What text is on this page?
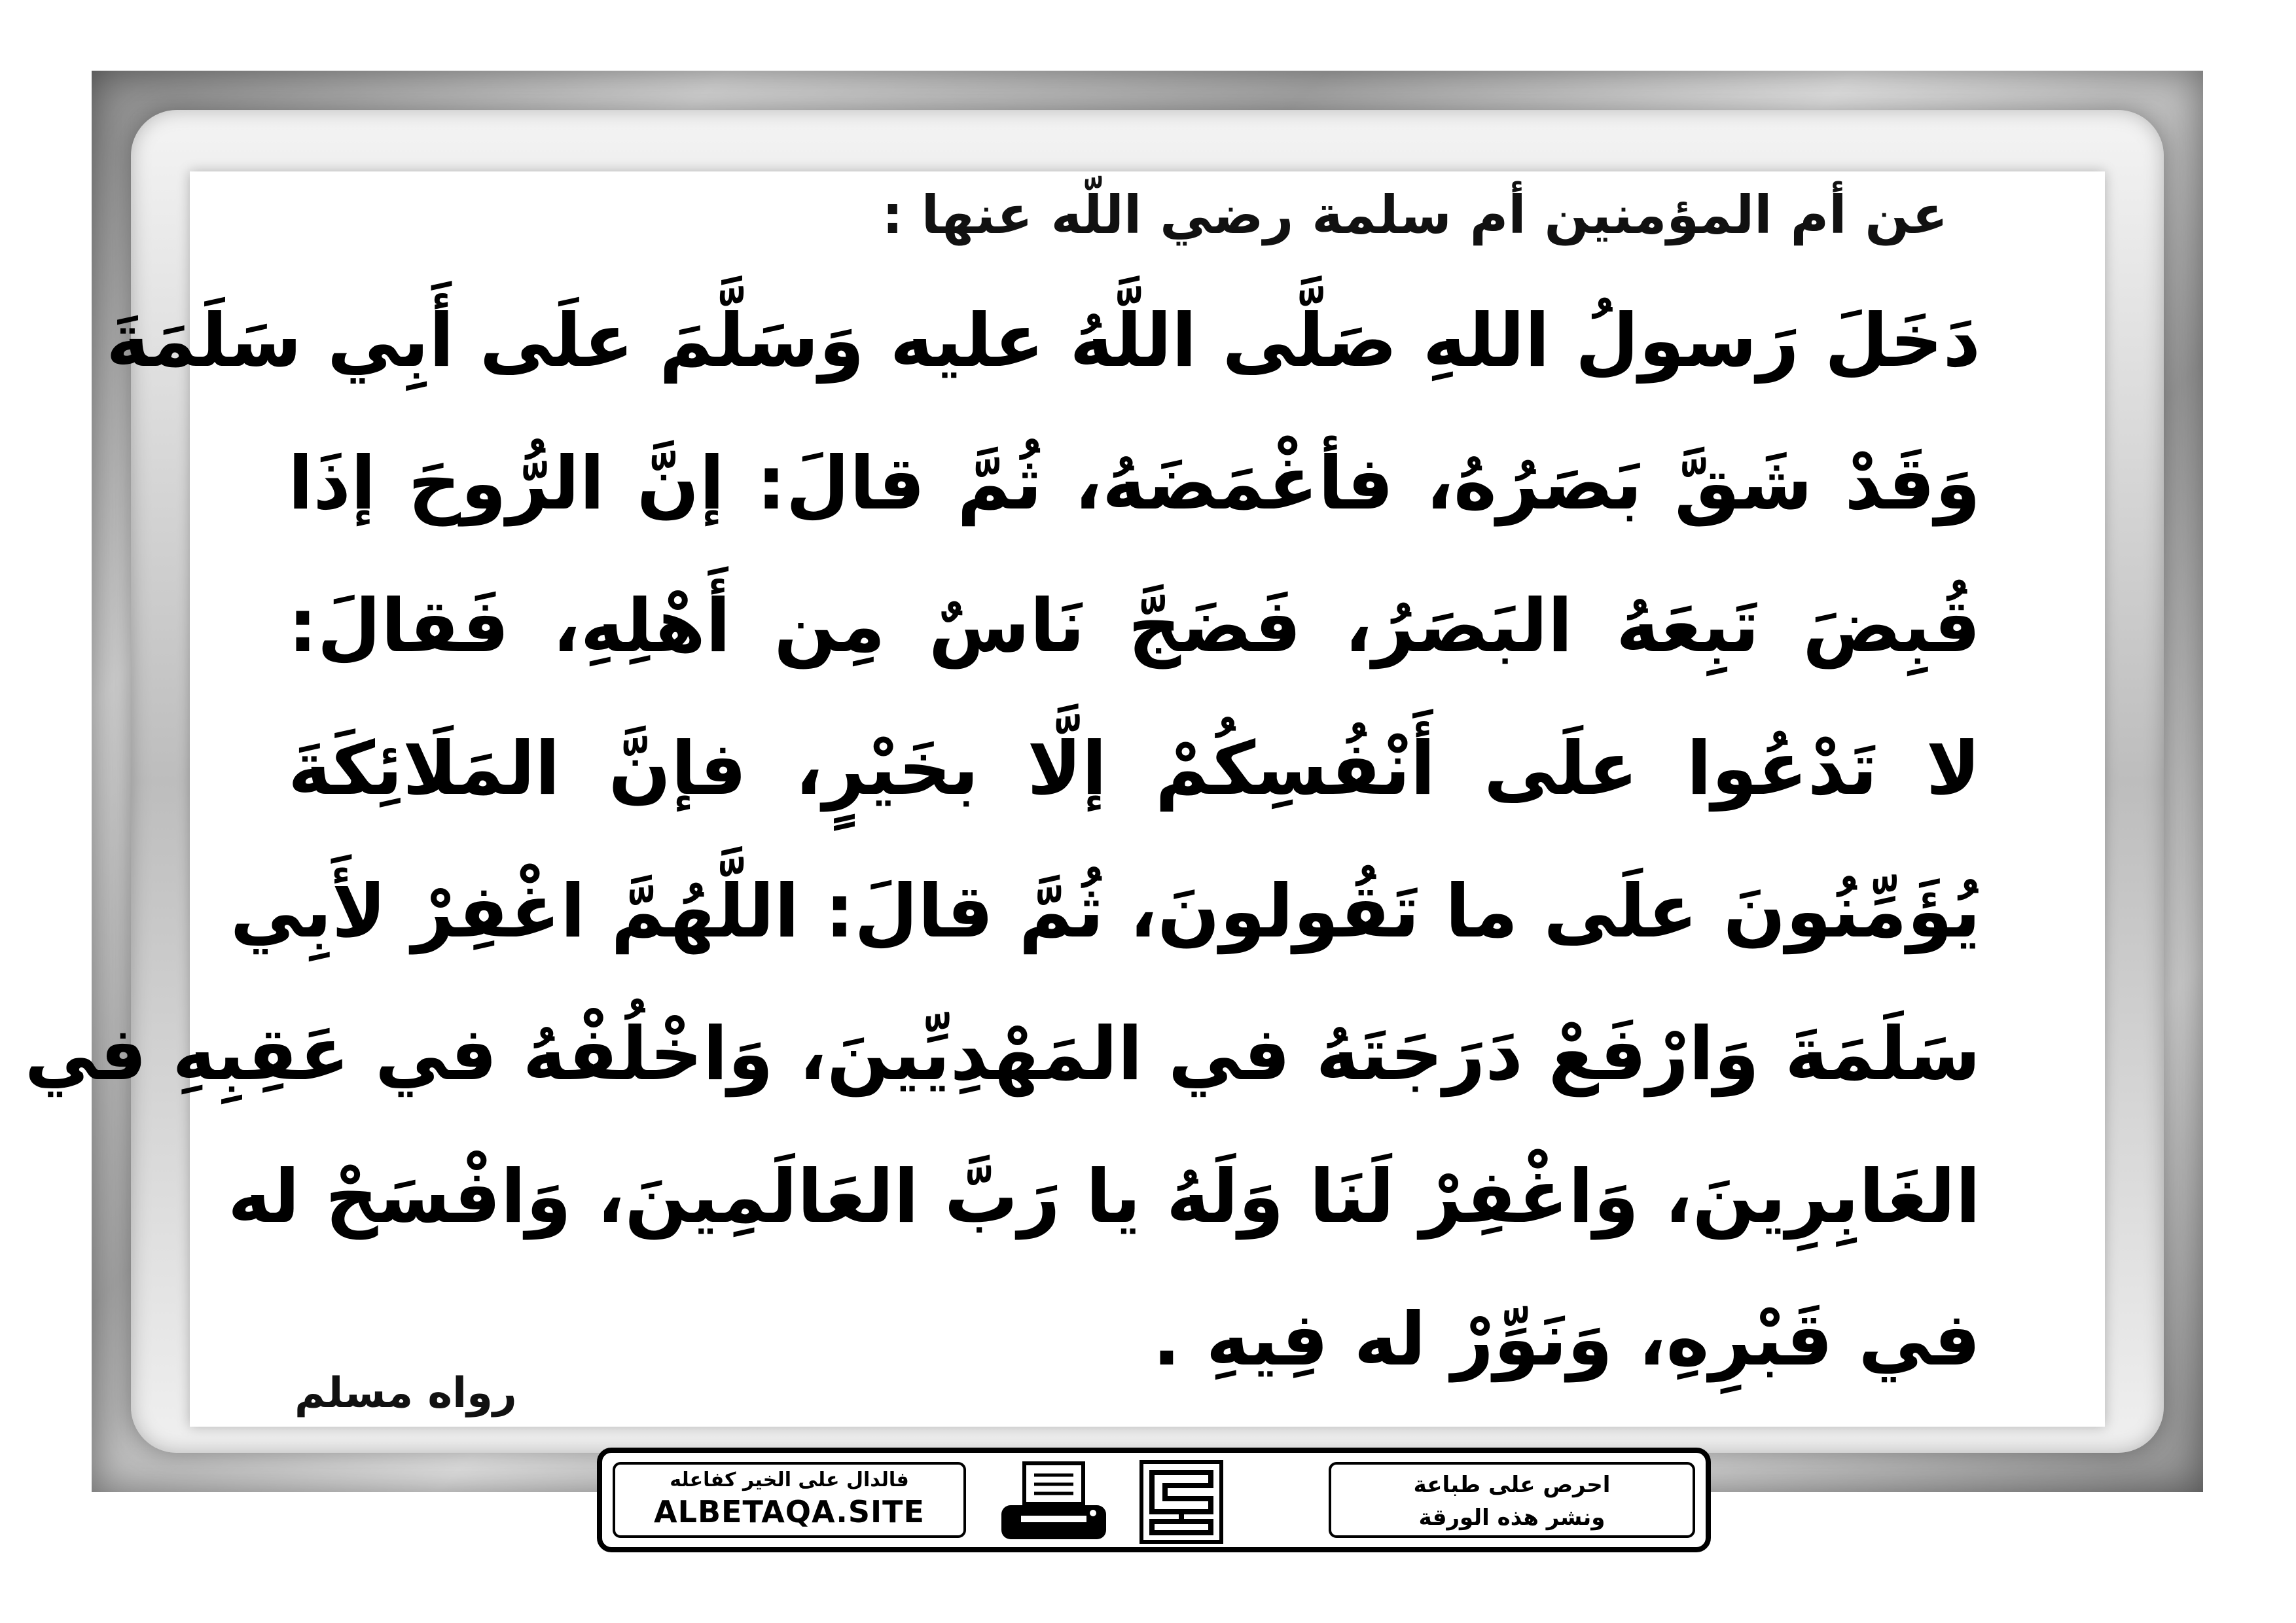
عن أم المؤمنين أم سلمة رضي اللّه عنها :
دَخَلَ رَسولُ اللهِ صَلَّى اللَّهُ عليه وَسَلَّمَ علَى أَبِي سَلَمَةَ
وَقَدْ شَقَّ بَصَرُهُ، فأغْمَضَهُ، ثُمَّ قالَ: إنَّ الرُّوحَ إذَا
قُبِضَ تَبِعَهُ البَصَرُ، فَضَجَّ نَاسٌ مِن أَهْلِهِ، فَقالَ:
لا تَدْعُوا علَى أَنْفُسِكُمْ إلَّا بخَيْرٍ، فإنَّ المَلَائِكَةَ
يُؤَمِّنُونَ علَى ما تَقُولونَ، ثُمَّ قالَ: اللَّهُمَّ اغْفِرْ لأَبِي
سَلَمَةَ وَارْفَعْ دَرَجَتَهُ في المَهْدِيِّينَ، وَاخْلُفْهُ في عَقِبِهِ في
الغَابِرِينَ، وَاغْفِرْ لَنَا وَلَهُ يا رَبَّ العَالَمِينَ، وَافْسَحْ له
في قَبْرِهِ، وَنَوِّرْ له فِيهِ .
رواه مسلم
فالدال على الخير كفاعله
ALBETAQA.SITE
احرص على طباعة
ونشر هذه الورقة
